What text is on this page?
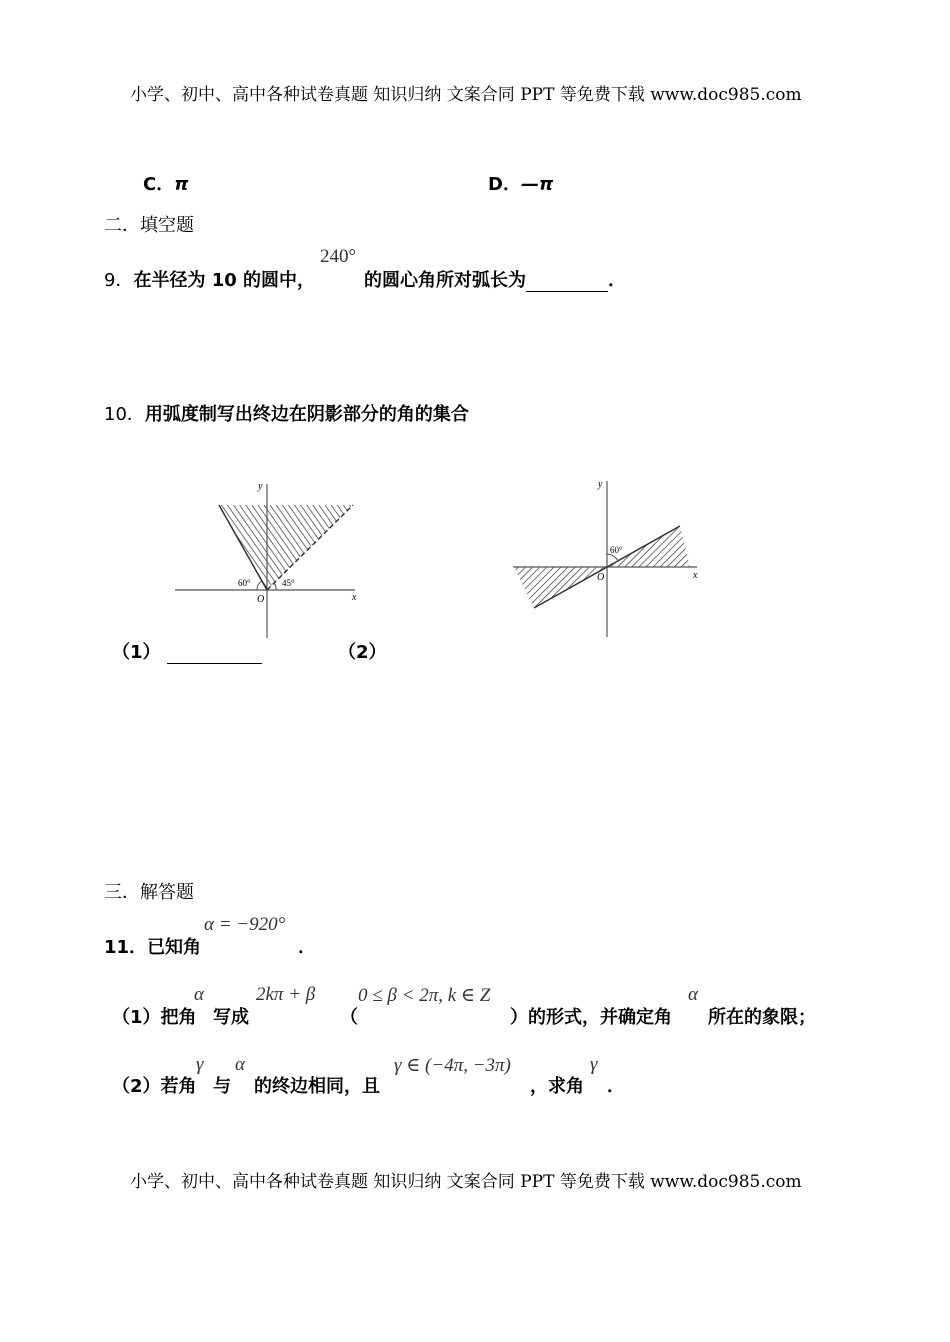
小学、初中、高中各种试卷真题 知识归纳 文案合同 PPT 等免费下载 www.doc985.com
C．π	D．—π
二．填空题
9．在半径为 10 的圆中，
240°
的圆心角所对弧长为	．
10．用弧度制写出终边在阴影部分的角的集合
y
x
O
60°	45°
y
x
O
60°
（1）	（2）
三．解答题
11．已知角
α = −920°
．
（1）把角
α
写成
2kπ + β
（
0 ≤ β < 2π, k ∈ Z
）的形式，并确定角
α
所在的象限；
（2）若角
γ
与
α
的终边相同，且
γ ∈ (−4π, −3π)
，求角
γ
．
小学、初中、高中各种试卷真题 知识归纳 文案合同 PPT 等免费下载 www.doc985.com
